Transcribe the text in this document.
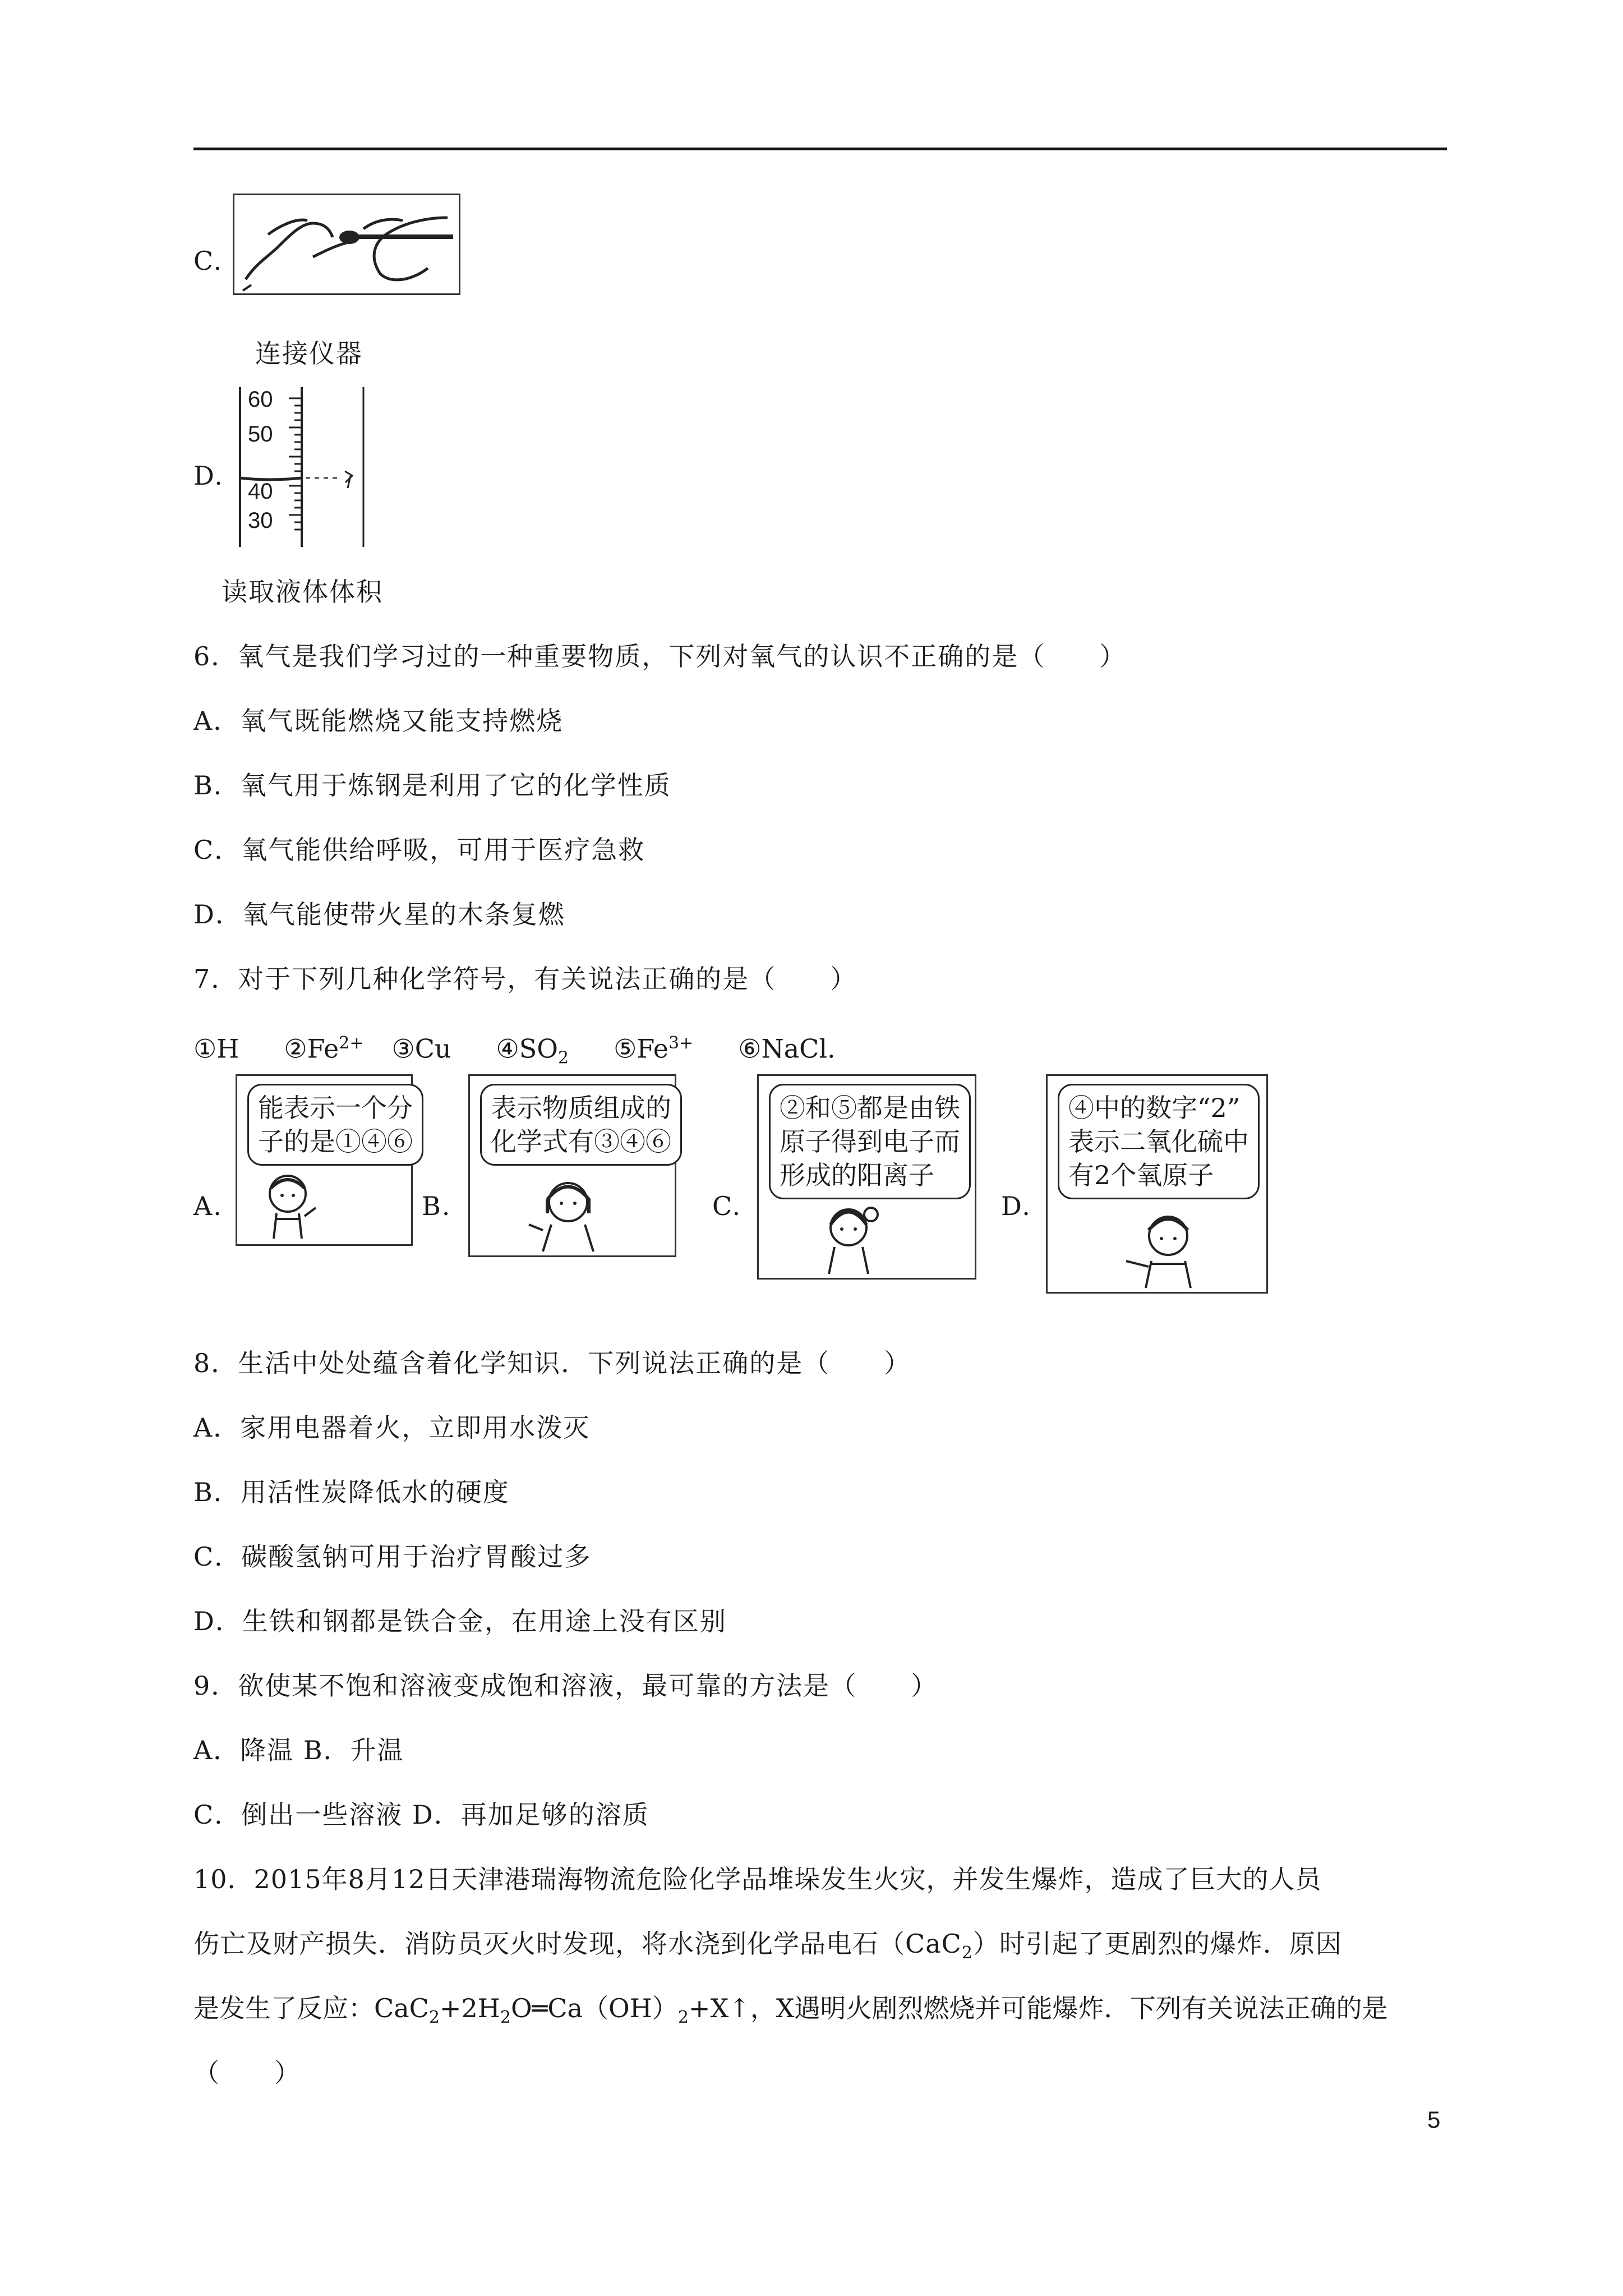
C.
连接仪器
D.
60
50
40
30
读取液体体积
6．氧气是我们学习过的一种重要物质，下列对氧气的认识不正确的是（　　）
A．氧气既能燃烧又能支持燃烧
B．氧气用于炼钢是利用了它的化学性质
C．氧气能供给呼吸，可用于医疗急救
D．氧气能使带火星的木条复燃
7．对于下列几种化学符号，有关说法正确的是（　　）
①H $②Fe^{2+}$ ③Cu $④SO_2$ $⑤Fe^{3+}$ ⑥NaCl.
A.
能表示一个分
子的是①④⑥
B.
表示物质组成的
化学式有③④⑥
C.
②和⑤都是由铁
原子得到电子而
形成的阳离子
D.
④中的数字“2”
表示二氧化硫中
有2个氧原子
8．生活中处处蕴含着化学知识．下列说法正确的是（　　）
A．家用电器着火，立即用水泼灭
B．用活性炭降低水的硬度
C．碳酸氢钠可用于治疗胃酸过多
D．生铁和钢都是铁合金，在用途上没有区别
9．欲使某不饱和溶液变成饱和溶液，最可靠的方法是（　　）
A．降温 B．升温
C．倒出一些溶液 D．再加足够的溶质
10．2015年8月12日天津港瑞海物流危险化学品堆垛发生火灾，并发生爆炸，造成了巨大的人员
伤亡及财产损失．消防员灭火时发现，将水浇到化学品电石（CaC$_2$）时引起了更剧烈的爆炸．原因
是发生了反应：$CaC_2+2H_2O═Ca(OH)_2+X↑$，X遇明火剧烈燃烧并可能爆炸．下列有关说法正确的是
（　　）
5
